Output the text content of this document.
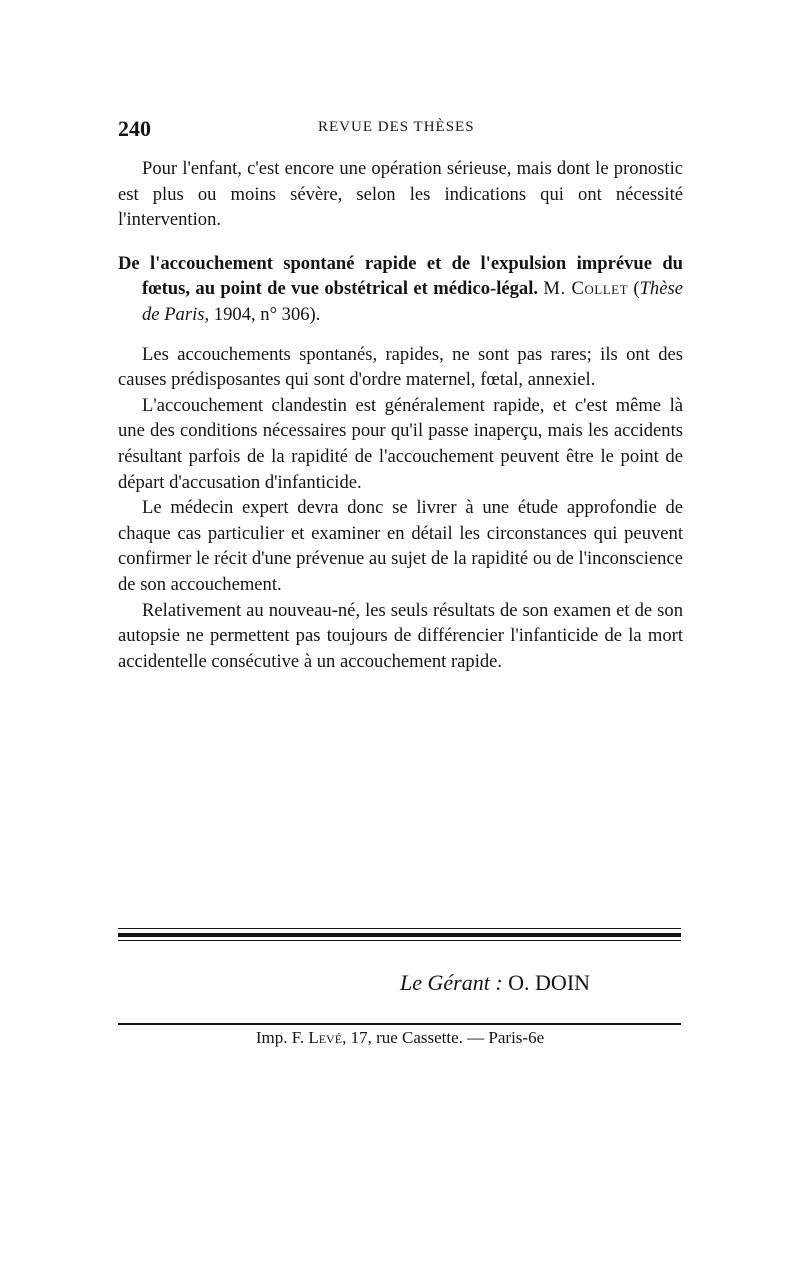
240	REVUE DES THÈSES

Pour l'enfant, c'est encore une opération sérieuse, mais dont le pronostic est plus ou moins sévère, selon les indications qui ont nécessité l'intervention.

De l'accouchement spontané rapide et de l'expulsion imprévue du fœtus, au point de vue obstétrical et médico-légal. M. Collet (Thèse de Paris, 1904, n° 306).

Les accouchements spontanés, rapides, ne sont pas rares; ils ont des causes prédisposantes qui sont d'ordre maternel, fœtal, annexiel.

L'accouchement clandestin est généralement rapide, et c'est même là une des conditions nécessaires pour qu'il passe inaperçu, mais les accidents résultant parfois de la rapidité de l'accouchement peuvent être le point de départ d'accusation d'infanticide.

Le médecin expert devra donc se livrer à une étude approfondie de chaque cas particulier et examiner en détail les circonstances qui peuvent confirmer le récit d'une prévenue au sujet de la rapidité ou de l'inconscience de son accouchement.

Relativement au nouveau-né, les seuls résultats de son examen et de son autopsie ne permettent pas toujours de différencier l'infanticide de la mort accidentelle consécutive à un accouchement rapide.

Le Gérant : O. DOIN
Imp. F. Levé, 17, rue Cassette. — Paris-6e
